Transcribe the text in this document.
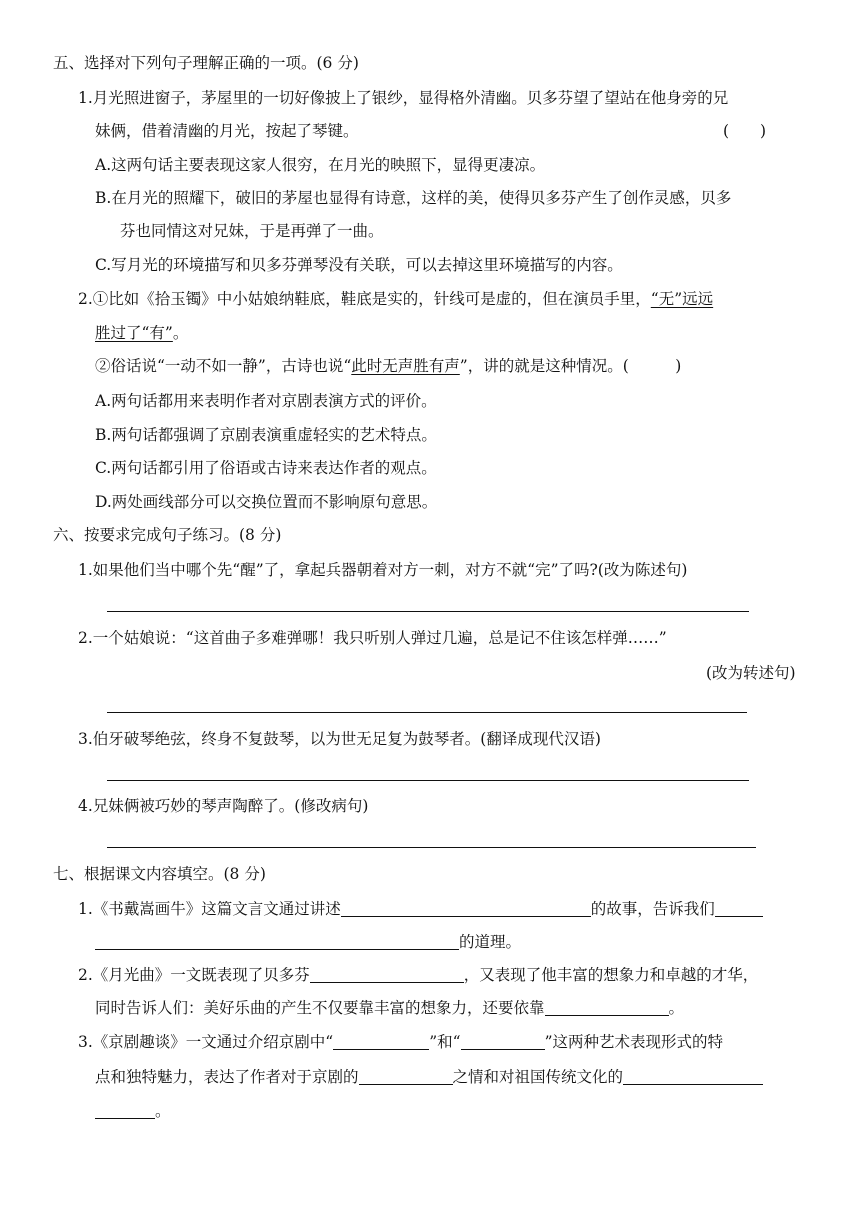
五、选择对下列句子理解正确的一项。(6 分)
1.月光照进窗子，茅屋里的一切好像披上了银纱，显得格外清幽。贝多芬望了望站在他身旁的兄
妹俩，借着清幽的月光，按起了琴键。	(　　)
A.这两句话主要表现这家人很穷，在月光的映照下，显得更凄凉。
B.在月光的照耀下，破旧的茅屋也显得有诗意，这样的美，使得贝多芬产生了创作灵感，贝多
芬也同情这对兄妹，于是再弹了一曲。
C.写月光的环境描写和贝多芬弹琴没有关联，可以去掉这里环境描写的内容。
2.①比如《拾玉镯》中小姑娘纳鞋底，鞋底是实的，针线可是虚的，但在演员手里，“无”远远
胜过了“有”。
②俗话说“一动不如一静”，古诗也说“此时无声胜有声”，讲的就是这种情况。(　　　)
A.两句话都用来表明作者对京剧表演方式的评价。
B.两句话都强调了京剧表演重虚轻实的艺术特点。
C.两句话都引用了俗语或古诗来表达作者的观点。
D.两处画线部分可以交换位置而不影响原句意思。
六、按要求完成句子练习。(8 分)
1.如果他们当中哪个先“醒”了，拿起兵器朝着对方一刺，对方不就“完”了吗?(改为陈述句)
2.一个姑娘说：“这首曲子多难弹哪！我只听别人弹过几遍，总是记不住该怎样弹……”
(改为转述句)
3.伯牙破琴绝弦，终身不复鼓琴，以为世无足复为鼓琴者。(翻译成现代汉语)
4.兄妹俩被巧妙的琴声陶醉了。(修改病句)
七、根据课文内容填空。(8 分)
1.《书戴嵩画牛》这篇文言文通过讲述	的故事，告诉我们
的道理。
2.《月光曲》一文既表现了贝多芬	，又表现了他丰富的想象力和卓越的才华，
同时告诉人们：美好乐曲的产生不仅要靠丰富的想象力，还要依靠	。
3.《京剧趣谈》一文通过介绍京剧中“	”和“	”这两种艺术表现形式的特
点和独特魅力，表达了作者对于京剧的	之情和对祖国传统文化的
。
